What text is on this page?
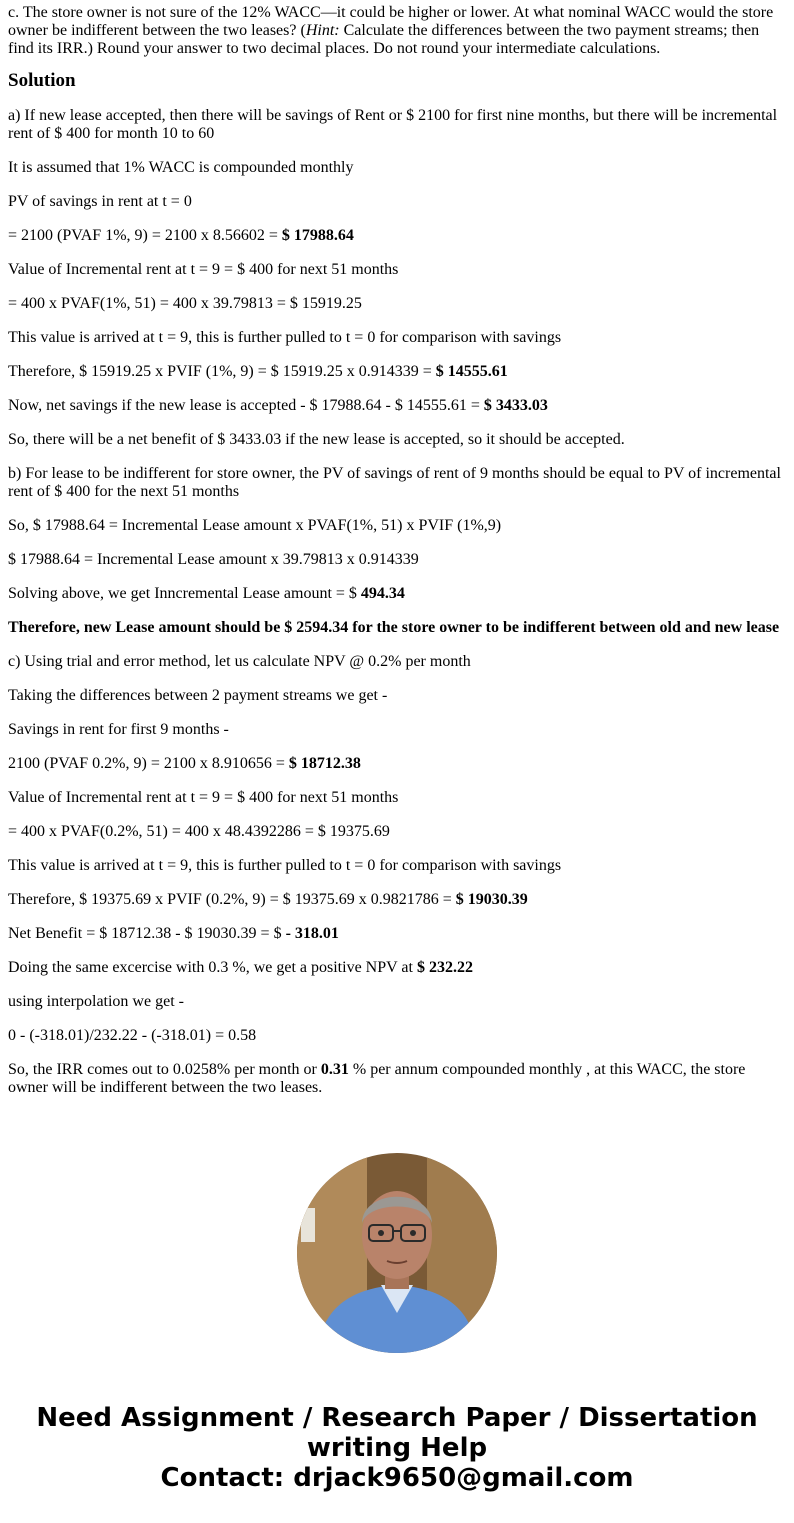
c. The store owner is not sure of the 12% WACC—it could be higher or lower. At what nominal WACC would the store owner be indifferent between the two leases? (Hint: Calculate the differences between the two payment streams; then find its IRR.) Round your answer to two decimal places. Do not round your intermediate calculations.

Solution

a) If new lease accepted, then there will be savings of Rent or $ 2100 for first nine months, but there will be incremental rent of $ 400 for month 10 to 60

It is assumed that 1% WACC is compounded monthly

PV of savings in rent at t = 0

= 2100 (PVAF 1%, 9) = 2100 x 8.56602 = $ 17988.64

Value of Incremental rent at t = 9 = $ 400 for next 51 months

= 400 x PVAF(1%, 51) = 400 x 39.79813 = $ 15919.25

This value is arrived at t = 9, this is further pulled to t = 0 for comparison with savings

Therefore, $ 15919.25 x PVIF (1%, 9) = $ 15919.25 x 0.914339 = $ 14555.61

Now, net savings if the new lease is accepted - $ 17988.64 - $ 14555.61 = $ 3433.03

So, there will be a net benefit of $ 3433.03 if the new lease is accepted, so it should be accepted.

b) For lease to be indifferent for store owner, the PV of savings of rent of 9 months should be equal to PV of incremental rent of $ 400 for the next 51 months

So, $ 17988.64 = Incremental Lease amount x PVAF(1%, 51) x PVIF (1%,9)

$ 17988.64 = Incremental Lease amount x 39.79813 x 0.914339

Solving above, we get Inncremental Lease amount = $ 494.34

Therefore, new Lease amount should be $ 2594.34 for the store owner to be indifferent between old and new lease

c) Using trial and error method, let us calculate NPV @ 0.2% per month

Taking the differences between 2 payment streams we get -

Savings in rent for first 9 months -

2100 (PVAF 0.2%, 9) = 2100 x 8.910656 = $ 18712.38

Value of Incremental rent at t = 9 = $ 400 for next 51 months

= 400 x PVAF(0.2%, 51) = 400 x 48.4392286 = $ 19375.69

This value is arrived at t = 9, this is further pulled to t = 0 for comparison with savings

Therefore, $ 19375.69 x PVIF (0.2%, 9) = $ 19375.69 x 0.9821786 = $ 19030.39

Net Benefit = $ 18712.38 - $ 19030.39 = $ - 318.01

Doing the same excercise with 0.3 %, we get a positive NPV at $ 232.22

using interpolation we get -

0 - (-318.01)/232.22 - (-318.01) = 0.58

So, the IRR comes out to 0.0258% per month or 0.31 % per annum compounded monthly , at this WACC, the store owner will be indifferent between the two leases.

Need Assignment / Research Paper / Dissertation writing Help
Contact: drjack9650@gmail.com
